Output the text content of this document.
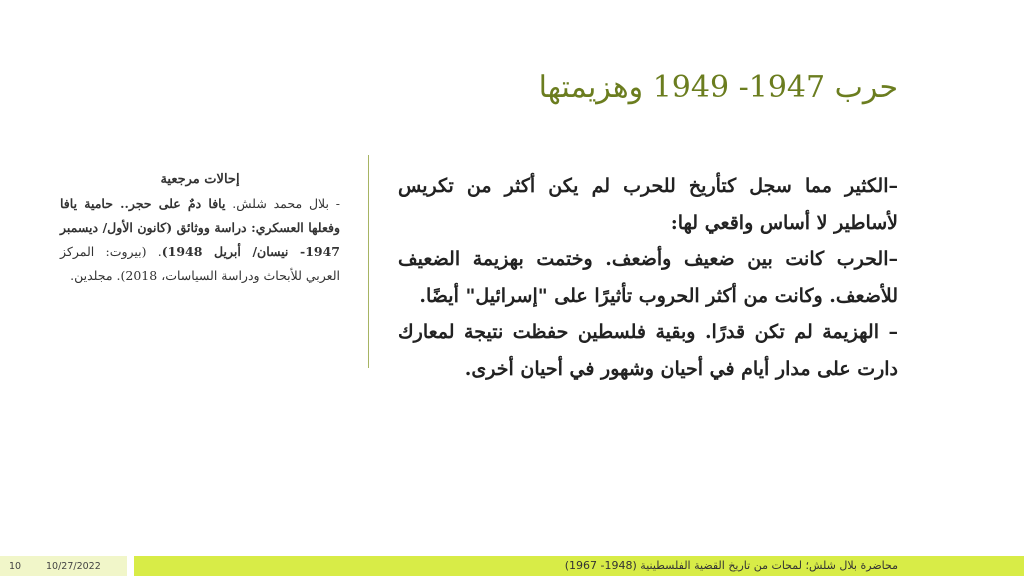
حرب 1947- 1949 وهزيمتها

–الكثير مما سجل كتأريخ للحرب لم يكن أكثر من تكريس لأساطير لا أساس واقعي لها:

–الحرب كانت بين ضعيف وأضعف. وختمت بهزيمة الضعيف للأضعف. وكانت من أكثر الحروب تأثيرًا على "إسرائيل" أيضًا.

– الهزيمة لم تكن قدرًا. وبقية فلسطين حفظت نتيجة لمعارك دارت على مدار أيام في أحيان وشهور في أحيان أخرى.

إحالات مرجعية
- بلال محمد شلش. يافا دمٌ على حجر.. حامية يافا وفعلها العسكري: دراسة ووثائق (كانون الأول/ ديسمبر 1947- نيسان/ أبريل 1948). (بيروت: المركز العربي للأبحاث ودراسة السياسات، 2018). مجلدين.
10	10/27/2022	محاضرة بلال شلش؛ لمحات من تاريخ القضية الفلسطينية (1948- 1967)
